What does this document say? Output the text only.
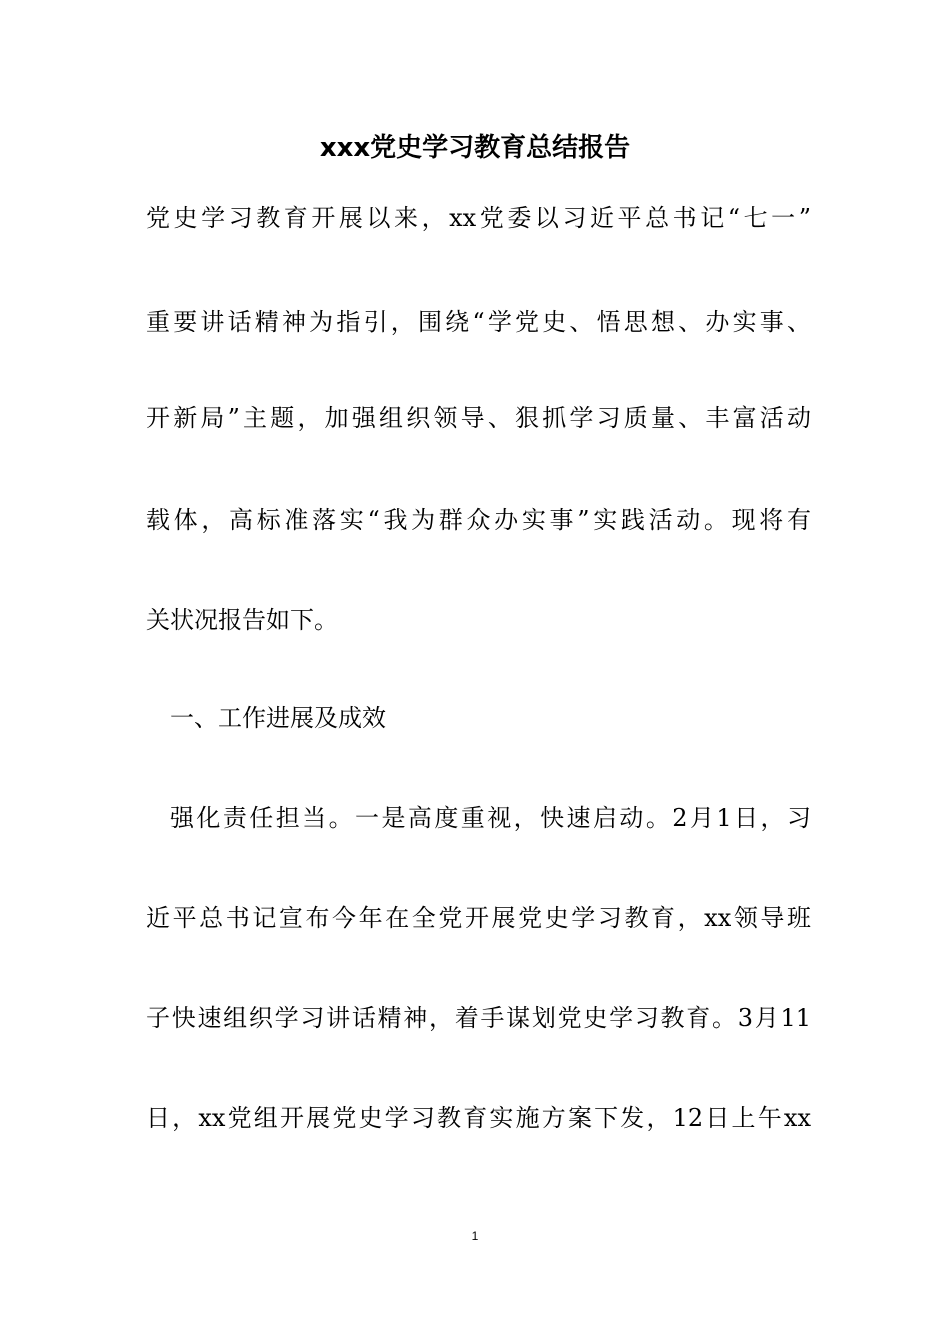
xxx党史学习教育总结报告

党史学习教育开展以来，xx党委以习近平总书记“七一”

重要讲话精神为指引，围绕“学党史、悟思想、办实事、

开新局”主题，加强组织领导、狠抓学习质量、丰富活动

载体，高标准落实“我为群众办实事”实践活动。现将有

关状况报告如下。

一、工作进展及成效

强化责任担当。一是高度重视，快速启动。2月1日，习

近平总书记宣布今年在全党开展党史学习教育，xx领导班

子快速组织学习讲话精神，着手谋划党史学习教育。3月11

日，xx党组开展党史学习教育实施方案下发，12日上午xx

1
